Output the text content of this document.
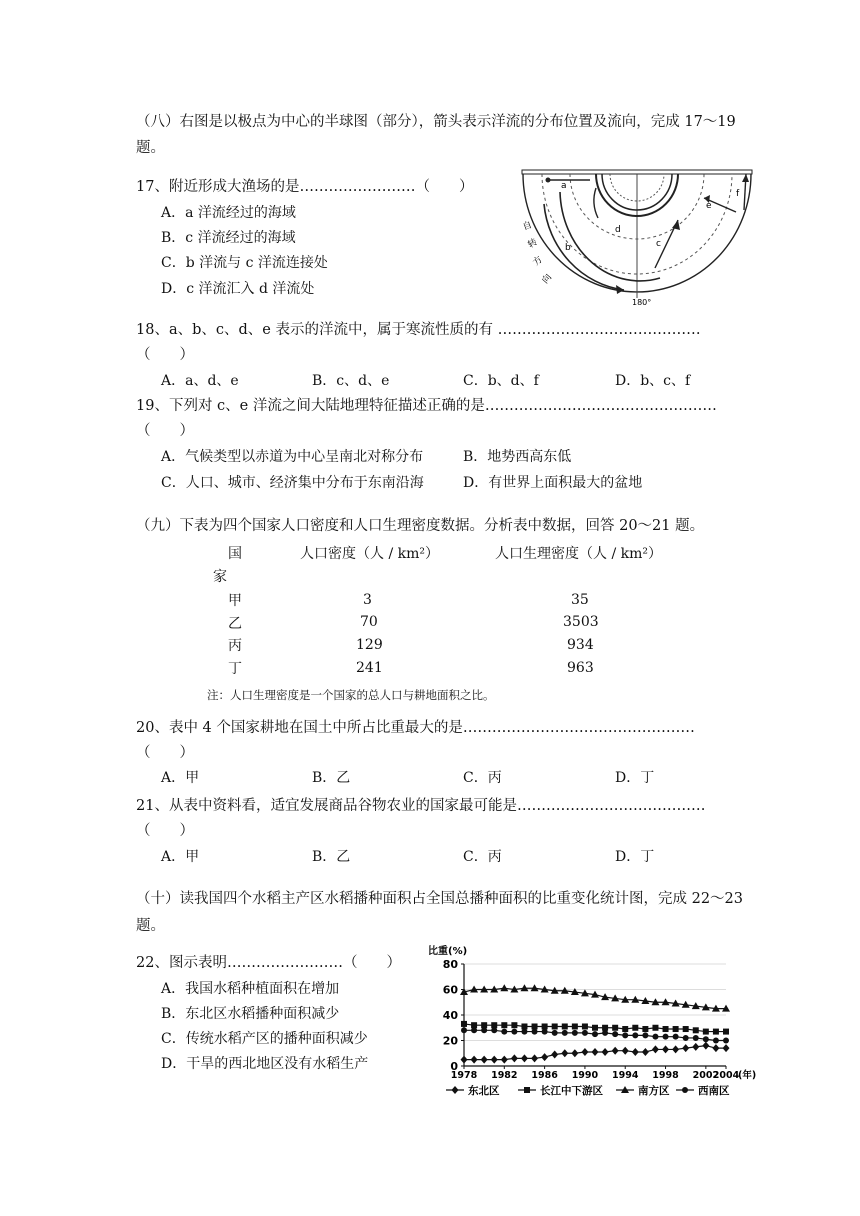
（八）右图是以极点为中心的半球图（部分），箭头表示洋流的分布位置及流向，完成 17～19
题。
17、附近形成大渔场的是……………………（　　）
A．a 洋流经过的海域
B．c 洋流经过的海域
C．b 洋流与 c 洋流连接处
D．c 洋流汇入 d 洋流处
a
b	c
d
e
f
180°
自
转
方
向
18、a、b、c、d、e 表示的洋流中，属于寒流性质的有 ……………………………………
（　　）
A．a、d、e	B．c、d、e	C．b、d、f	D．b、c、f
19、下列对 c、e 洋流之间大陆地理特征描述正确的是…………………………………………
（　　）
A．气候类型以赤道为中心呈南北对称分布	B．地势西高东低
C．人口、城市、经济集中分布于东南沿海	D．有世界上面积最大的盆地
（九）下表为四个国家人口密度和人口生理密度数据。分析表中数据，回答 20～21 题。
国
家
人口密度（人 / km²）	人口生理密度（人 / km²）
甲	3	35
乙	70	3503
丙	129	934
丁	241	963
注：人口生理密度是一个国家的总人口与耕地面积之比。
20、表中 4 个国家耕地在国土中所占比重最大的是…………………………………………
（　　）
A．甲	B．乙	C．丙	D．丁
21、从表中资料看，适宜发展商品谷物农业的国家最可能是…………………………………
（　　）
A．甲	B．乙	C．丙	D．丁
（十）读我国四个水稻主产区水稻播种面积占全国总播种面积的比重变化统计图，完成 22～23
题。
22、图示表明……………………（　　）
A．我国水稻种植面积在增加
B．东北区水稻播种面积减少
C．传统水稻产区的播种面积减少
D．干旱的西北地区没有水稻生产
比重(%)
0
20
40
60
80
1978 1982 1986 1990 1994 1998 2002
2004
(年)
东北区	长江中下游区	南方区	西南区
